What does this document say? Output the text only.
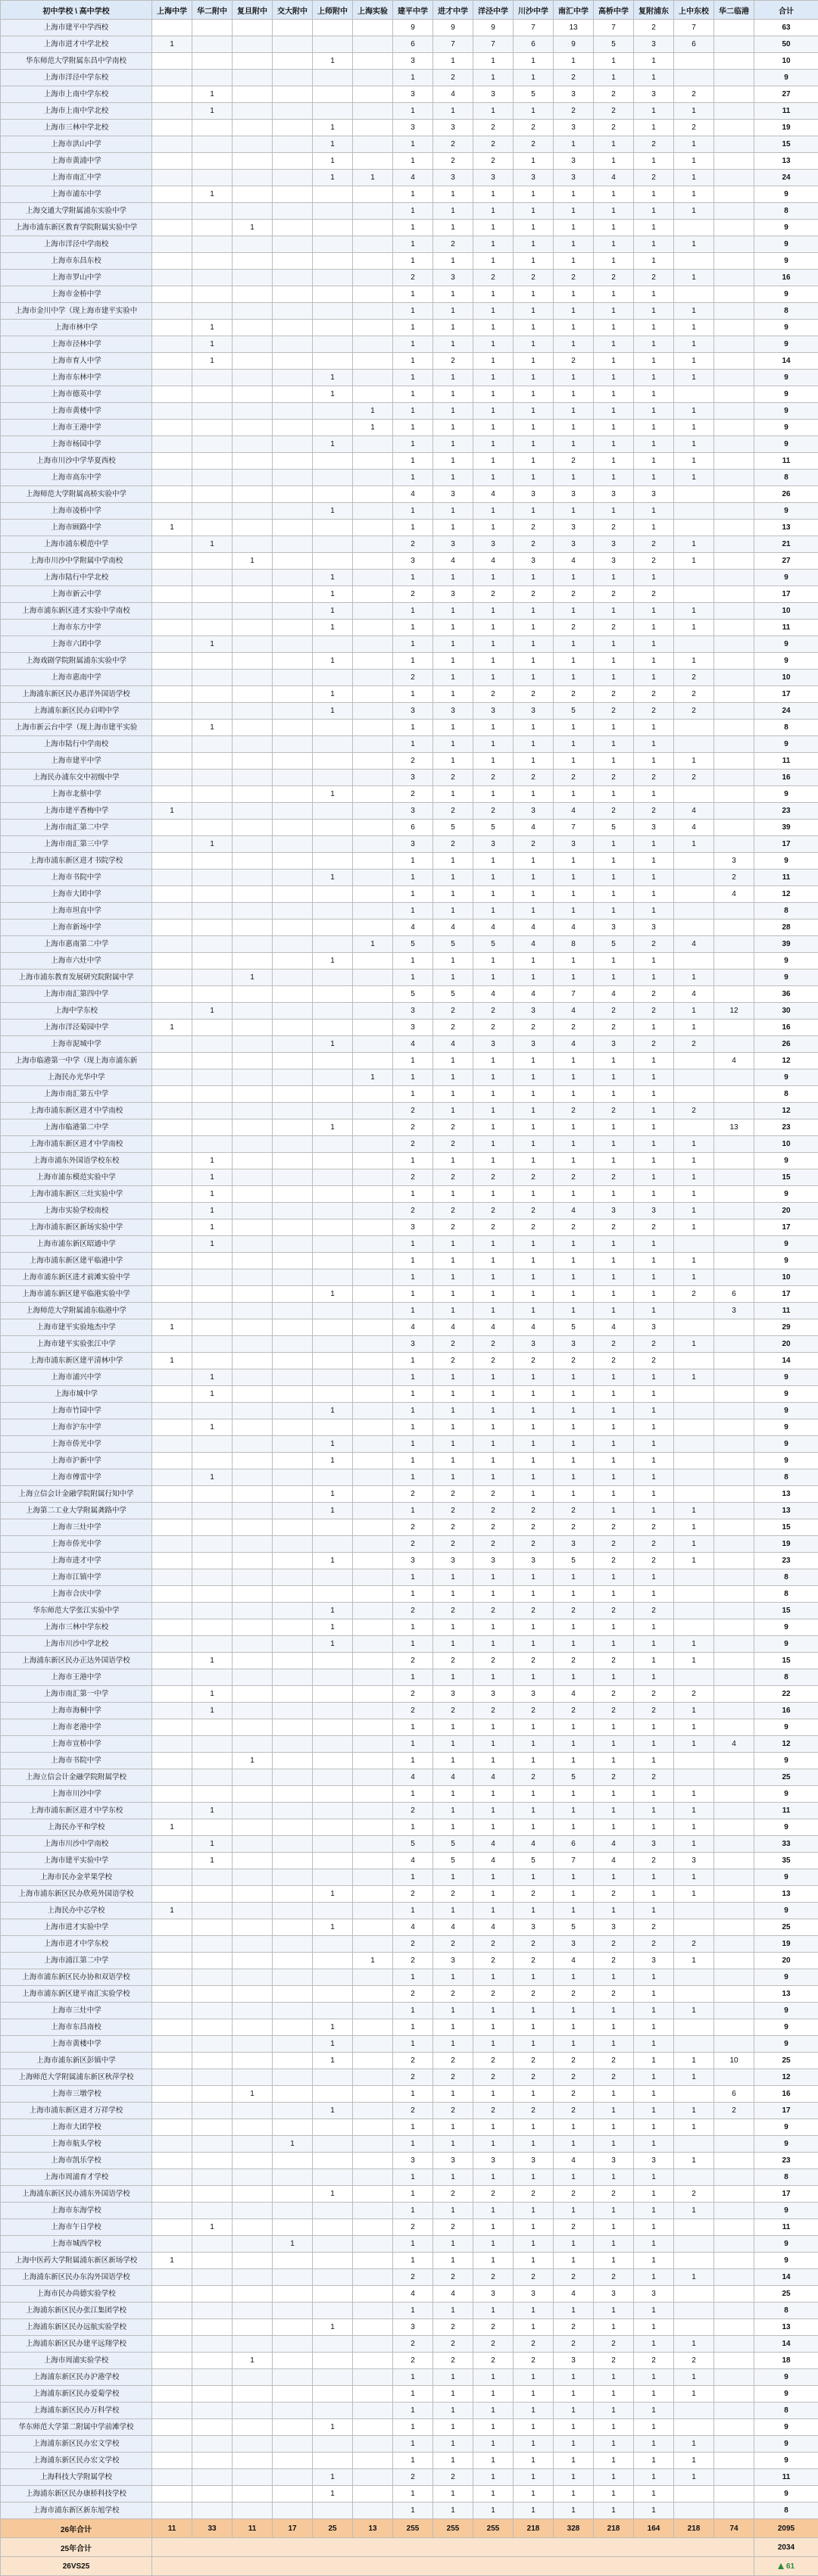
初中学校 \ 高中学校	上海中学	华二附中	复旦附中	交大附中	上师附中	上海实验	建平中学	进才中学	洋泾中学	川沙中学	南汇中学	高桥中学	复附浦东	上中东校	华二临港	合计
上海市建平中学西校							9	9	9	7	13	7	2	7		63
上海市进才中学北校	1						6	7	7	6	9	5	3	6		50
华东师范大学附属东昌中学南校					1		3	1	1	1	1	1	1			10
上海市洋泾中学东校							1	2	1	1	2	1	1			9
上海市上南中学东校		1					3	4	3	5	3	2	3	2		27
上海市上南中学北校		1					1	1	1	1	2	2	1	1		11
上海市三林中学北校					1		3	3	2	2	3	2	1	2		19
上海市洪山中学					1		1	2	2	2	1	1	2	1		15
上海市黄浦中学					1		1	2	2	1	3	1	1	1		13
上海市南汇中学					1	1	4	3	3	3	3	4	2	1		24
上海市浦东中学		1					1	1	1	1	1	1	1	1		9
上海交通大学附属浦东实验中学							1	1	1	1	1	1	1	1		8
上海市浦东新区教育学院附属实验中学			1				1	1	1	1	1	1	1			9
上海市洋泾中学南校							1	2	1	1	1	1	1	1		9
上海市东昌东校							1	1	1	1	1	1	1			9
上海市罗山中学							2	3	2	2	2	2	2	1		16
上海市金桥中学							1	1	1	1	1	1	1			9
上海市金川中学（现上海市建平实验中							1	1	1	1	1	1	1	1		8
上海市林中学		1					1	1	1	1	1	1	1	1		9
上海市泾林中学		1					1	1	1	1	1	1	1	1		9
上海市育人中学		1					1	2	1	1	2	1	1	1		14
上海市东林中学					1		1	1	1	1	1	1	1	1		9
上海市德英中学					1		1	1	1	1	1	1	1			9
上海市黄楼中学						1	1	1	1	1	1	1	1	1		9
上海市王港中学						1	1	1	1	1	1	1	1	1		9
上海市杨园中学					1		1	1	1	1	1	1	1	1		9
上海市川沙中学华夏西校							1	1	1	1	2	1	1	1		11
上海市高东中学							1	1	1	1	1	1	1	1		8
上海师范大学附属高桥实验中学							4	3	4	3	3	3	3			26
上海市凌桥中学					1		1	1	1	1	1	1	1			9
上海市顾路中学	1						1	1	1	2	3	2	1			13
上海市浦东模范中学		1					2	3	3	2	3	3	2	1		21
上海市川沙中学附属中学南校			1				3	4	4	3	4	3	2	1		27
上海市陆行中学北校					1		1	1	1	1	1	1	1			9
上海市新云中学					1		2	3	2	2	2	2	2			17
上海市浦东新区进才实验中学南校					1		1	1	1	1	1	1	1	1		10
上海市东方中学					1		1	1	1	1	2	2	1	1		11
上海市六团中学		1					1	1	1	1	1	1	1			9
上海戏剧学院附属浦东实验中学					1		1	1	1	1	1	1	1	1		9
上海市惠南中学							2	1	1	1	1	1	1	2		10
上海浦东新区民办惠洋外国语学校					1		1	1	2	2	2	2	2	2		17
上海浦东新区民办启明中学					1		3	3	3	3	5	2	2	2		24
上海市新云台中学（现上海市建平实验		1					1	1	1	1	1	1	1			8
上海市陆行中学南校							1	1	1	1	1	1	1			9
上海市建平中学							2	1	1	1	1	1	1	1		11
上海民办浦东交中初级中学							3	2	2	2	2	2	2	2		16
上海市北蔡中学					1		2	1	1	1	1	1	1			9
上海市建平香梅中学	1						3	2	2	3	4	2	2	4		23
上海市南汇第二中学							6	5	5	4	7	5	3	4		39
上海市南汇第三中学		1					3	2	3	2	3	1	1	1		17
上海市浦东新区进才书院学校							1	1	1	1	1	1	1		3	9
上海市书院中学					1		1	1	1	1	1	1	1		2	11
上海市大团中学							1	1	1	1	1	1	1		4	12
上海市坦直中学							1	1	1	1	1	1	1			8
上海市新场中学							4	4	4	4	4	3	3			28
上海市惠南第二中学						1	5	5	5	4	8	5	2	4		39
上海市六灶中学					1		1	1	1	1	1	1	1			9
上海市浦东教育发展研究院附属中学			1				1	1	1	1	1	1	1	1		9
上海市南汇第四中学							5	5	4	4	7	4	2	4		36
上海中学东校		1					3	2	2	3	4	2	2	1	12	30
上海市洋泾菊园中学	1						3	2	2	2	2	2	1	1		16
上海市泥城中学					1		4	4	3	3	4	3	2	2		26
上海市临港第一中学（现上海市浦东新							1	1	1	1	1	1	1		4	12
上海民办光华中学						1	1	1	1	1	1	1	1			9
上海市南汇第五中学							1	1	1	1	1	1	1			8
上海市浦东新区进才中学南校							2	1	1	1	2	2	1	2		12
上海市临港第二中学					1		2	2	1	1	1	1	1		13	23
上海市浦东新区进才中学南校							2	2	1	1	1	1	1	1		10
上海市浦东外国语学校东校		1					1	1	1	1	1	1	1	1		9
上海市浦东模范实验中学		1					2	2	2	2	2	2	1	1		15
上海市浦东新区三灶实验中学		1					1	1	1	1	1	1	1	1		9
上海市实验学校南校		1					2	2	2	2	4	3	3	1		20
上海市浦东新区新场实验中学		1					3	2	2	2	2	2	2	1		17
上海市浦东新区昭通中学		1					1	1	1	1	1	1	1			9
上海市浦东新区建平临港中学							1	1	1	1	1	1	1	1		9
上海市浦东新区进才前滩实验中学							1	1	1	1	1	1	1	1		10
上海市浦东新区建平临港实验中学					1		1	1	1	1	1	1	1	2	6	17
上海师范大学附属浦东临港中学							1	1	1	1	1	1	1		3	11
上海市建平实验地杰中学	1						4	4	4	4	5	4	3			29
上海市建平实验张江中学							3	2	2	3	3	2	2	1		20
上海市浦东新区建平清林中学	1						1	2	2	2	2	2	2			14
上海市浦兴中学		1					1	1	1	1	1	1	1	1		9
上海市城中学		1					1	1	1	1	1	1	1			9
上海市竹园中学					1		1	1	1	1	1	1	1			9
上海市沪东中学		1					1	1	1	1	1	1	1			9
上海市侨光中学					1		1	1	1	1	1	1	1			9
上海市沪新中学					1		1	1	1	1	1	1	1			9
上海市傅雷中学		1					1	1	1	1	1	1	1			8
上海立信会计金融学院附属行知中学					1		2	2	2	1	1	1	1			13
上海第二工业大学附属龚路中学					1		1	2	2	2	2	1	1	1		13
上海市三灶中学							2	2	2	2	2	2	2	1		15
上海市侨光中学							2	2	2	2	3	2	2	1		19
上海市进才中学					1		3	3	3	3	5	2	2	1		23
上海市江镇中学							1	1	1	1	1	1	1			8
上海市合庆中学							1	1	1	1	1	1	1			8
华东师范大学张江实验中学					1		2	2	2	2	2	2	2			15
上海市三林中学东校					1		1	1	1	1	1	1	1			9
上海市川沙中学北校					1		1	1	1	1	1	1	1	1		9
上海浦东新区民办正达外国语学校		1					2	2	2	2	2	2	1	1		15
上海市王港中学							1	1	1	1	1	1	1			8
上海市南汇第一中学		1					2	3	3	3	4	2	2	2		22
上海市海桐中学		1					2	2	2	2	2	2	2	1		16
上海市老港中学							1	1	1	1	1	1	1	1		9
上海市宣桥中学							1	1	1	1	1	1	1	1	4	12
上海市书院中学			1				1	1	1	1	1	1	1			9
上海立信会计金融学院附属学校							4	4	4	2	5	2	2			25
上海市川沙中学							1	1	1	1	1	1	1	1		9
上海市浦东新区进才中学东校		1					2	1	1	1	1	1	1	1		11
上海民办平和学校	1						1	1	1	1	1	1	1	1		9
上海市川沙中学南校		1					5	5	4	4	6	4	3	1		33
上海市建平实验中学		1					4	5	4	5	7	4	2	3		35
上海市民办金苹果学校							1	1	1	1	1	1	1	1		9
上海市浦东新区民办欣苑外国语学校					1		2	2	1	2	1	2	1	1		13
上海民办中芯学校	1						1	1	1	1	1	1	1			9
上海市进才实验中学					1		4	4	4	3	5	3	2			25
上海市进才中学东校							2	2	2	2	3	2	2	2		19
上海市浦江第二中学						1	2	3	2	2	4	2	3	1		20
上海市浦东新区民办协和双语学校							1	1	1	1	1	1	1			9
上海市浦东新区建平南汇实验学校							2	2	2	2	2	2	1			13
上海市三灶中学							1	1	1	1	1	1	1	1		9
上海市东昌南校					1		1	1	1	1	1	1	1			9
上海市黄楼中学					1		1	1	1	1	1	1	1			9
上海市浦东新区彭镇中学					1		2	2	2	2	2	2	1	1	10	25
上海师范大学附属浦东新区秋萍学校							2	2	2	2	2	2	1	1		12
上海市三墩学校			1				1	1	1	1	2	1	1		6	16
上海市浦东新区进才万祥学校					1		2	2	2	2	2	1	1	1	2	17
上海市大团学校							1	1	1	1	1	1	1	1		9
上海市航头学校				1			1	1	1	1	1	1	1			9
上海市凯乐学校							3	3	3	3	4	3	3	1		23
上海市周浦育才学校							1	1	1	1	1	1	1			8
上海浦东新区民办浦东外国语学校					1		1	2	2	2	2	2	1	2		17
上海市东海学校							1	1	1	1	1	1	1	1		9
上海市午日学校		1					2	2	1	1	2	1	1			11
上海市城西学校				1			1	1	1	1	1	1	1			9
上海中医药大学附属浦东新区新场学校	1						1	1	1	1	1	1	1			9
上海浦东新区民办东沟外国语学校							2	2	2	2	2	2	1	1		14
上海市民办尚德实验学校							4	4	3	3	4	3	3			25
上海浦东新区民办张江集团学校							1	1	1	1	1	1	1			8
上海浦东新区民办远航实验学校					1		3	2	2	1	2	1	1			13
上海浦东新区民办建平远翔学校							2	2	2	2	2	2	1	1		14
上海市周浦实验学校			1				2	2	2	2	3	2	2	2		18
上海浦东新区民办沪港学校							1	1	1	1	1	1	1	1		9
上海浦东新区民办爱菊学校							1	1	1	1	1	1	1	1		9
上海浦东新区民办万科学校							1	1	1	1	1	1	1			8
华东师范大学第二附属中学前滩学校					1		1	1	1	1	1	1	1			9
上海浦东新区民办宏文学校							1	1	1	1	1	1	1	1		9
上海浦东新区民办宏文学校							1	1	1	1	1	1	1	1		9
上海科技大学附属学校					1		2	2	1	1	1	1	1	1		11
上海浦东新区民办康桥科技学校					1		1	1	1	1	1	1	1			9
上海市浦东新区新东旭学校							1	1	1	1	1	1	1			8
26年合计	11	33	11	17	25	13	255	255	255	218	328	218	164	218	74	2095
25年合计																2034
26VS25																61
